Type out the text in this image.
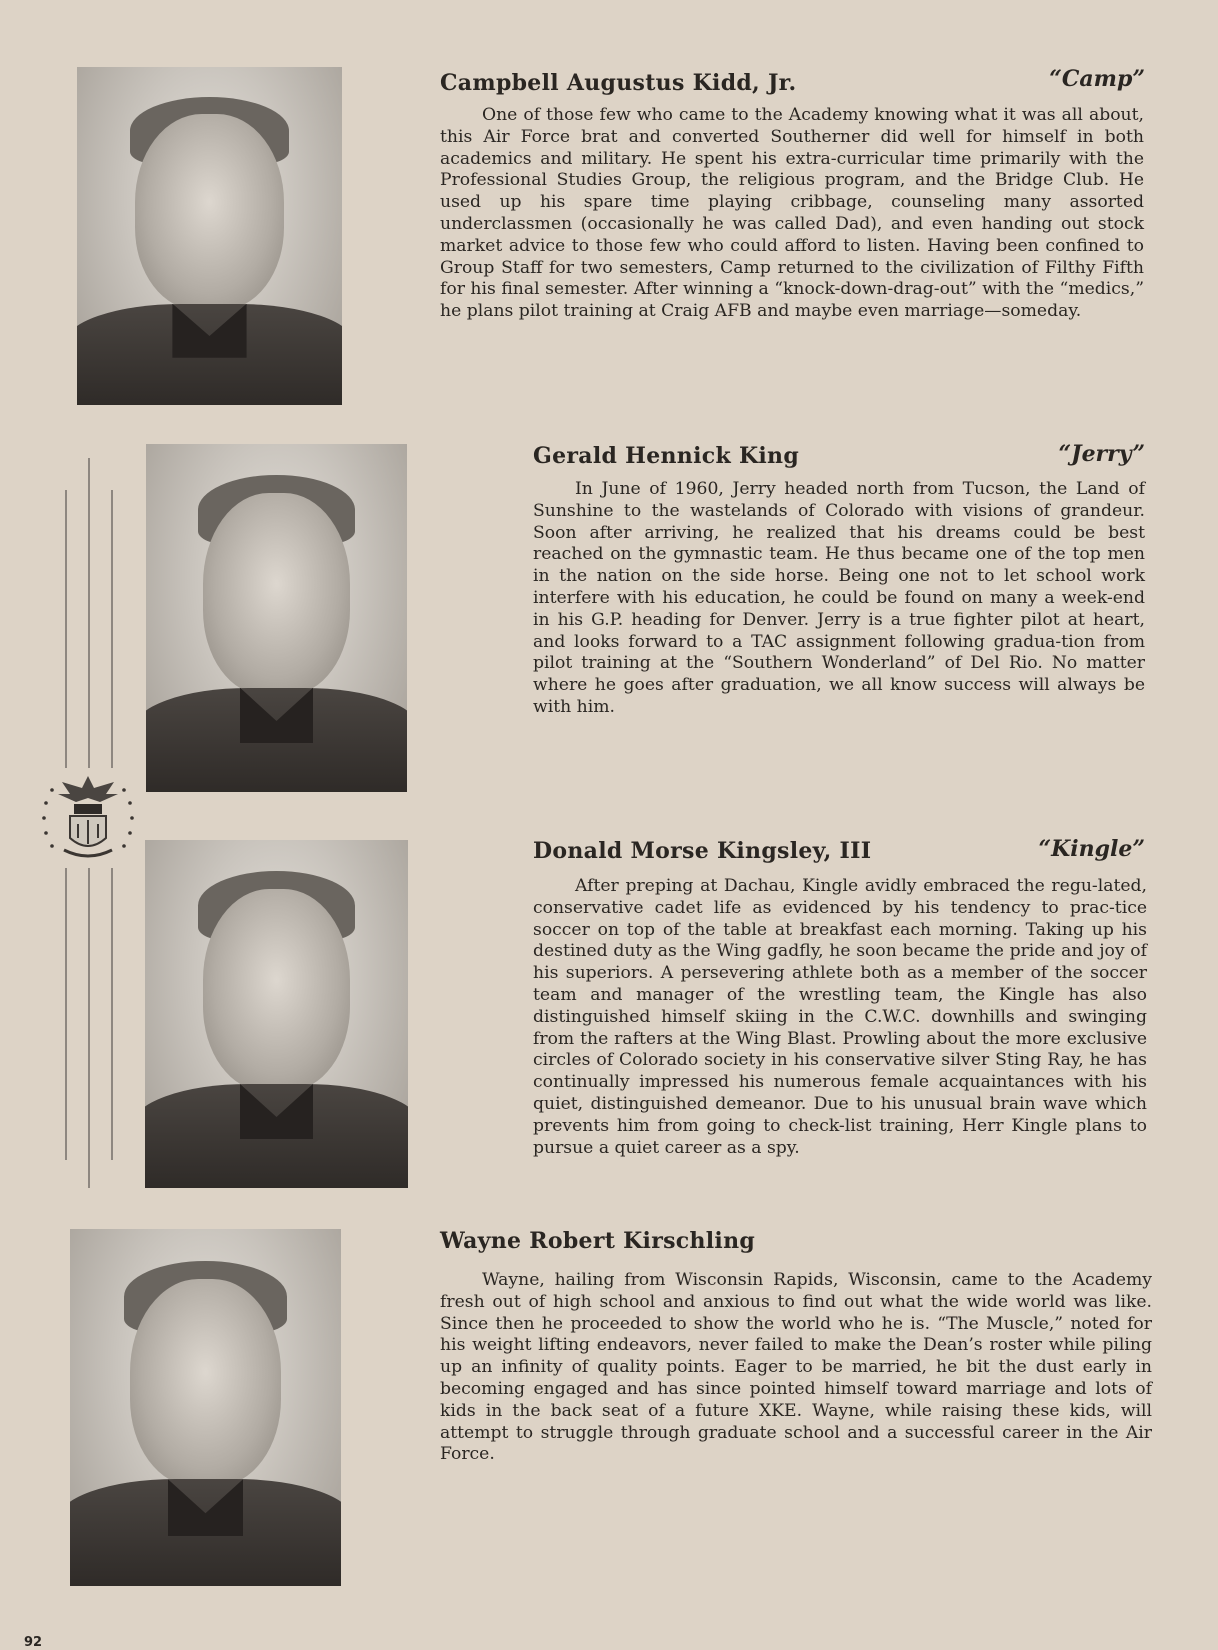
Campbell Augustus Kidd, Jr.	“Camp”

One of those few who came to the Academy knowing what it was all about, this Air Force brat and converted Southerner did well for himself in both academics and military. He spent his extra-curricular time primarily with the Professional Studies Group, the religious program, and the Bridge Club. He used up his spare time playing cribbage, counseling many assorted underclassmen (occasionally he was called Dad), and even handing out stock market advice to those few who could afford to listen. Having been confined to Group Staff for two semesters, Camp returned to the civilization of Filthy Fifth for his final semester. After winning a “knock-down-drag-out” with the “medics,” he plans pilot training at Craig AFB and maybe even marriage—someday.

Gerald Hennick King	“Jerry”

In June of 1960, Jerry headed north from Tucson, the Land of Sunshine to the wastelands of Colorado with visions of grandeur. Soon after arriving, he realized that his dreams could be best reached on the gymnastic team. He thus became one of the top men in the nation on the side horse. Being one not to let school work interfere with his education, he could be found on many a week-end in his G.P. heading for Denver. Jerry is a true fighter pilot at heart, and looks forward to a TAC assignment following gradua-tion from pilot training at the “Southern Wonderland” of Del Rio. No matter where he goes after graduation, we all know success will always be with him.

Donald Morse Kingsley, III	“Kingle”

After preping at Dachau, Kingle avidly embraced the regu-lated, conservative cadet life as evidenced by his tendency to prac-tice soccer on top of the table at breakfast each morning. Taking up his destined duty as the Wing gadfly, he soon became the pride and joy of his superiors. A persevering athlete both as a member of the soccer team and manager of the wrestling team, the Kingle has also distinguished himself skiing in the C.W.C. downhills and swinging from the rafters at the Wing Blast. Prowling about the more exclusive circles of Colorado society in his conservative silver Sting Ray, he has continually impressed his numerous female acquaintances with his quiet, distinguished demeanor. Due to his unusual brain wave which prevents him from going to check-list training, Herr Kingle plans to pursue a quiet career as a spy.

Wayne Robert Kirschling

Wayne, hailing from Wisconsin Rapids, Wisconsin, came to the Academy fresh out of high school and anxious to find out what the wide world was like. Since then he proceeded to show the world who he is. “The Muscle,” noted for his weight lifting endeavors, never failed to make the Dean’s roster while piling up an infinity of quality points. Eager to be married, he bit the dust early in becoming engaged and has since pointed himself toward marriage and lots of kids in the back seat of a future XKE. Wayne, while raising these kids, will attempt to struggle through graduate school and a successful career in the Air Force.

92
